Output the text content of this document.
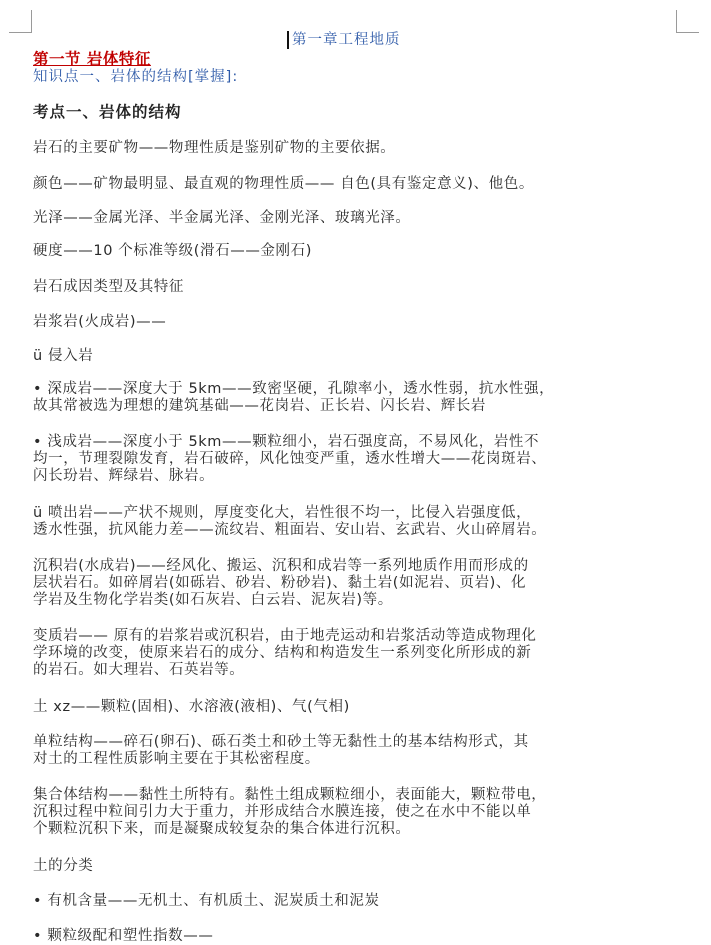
第一章工程地质
第一节 岩体特征
知识点一、岩体的结构[掌握]:
考点一、岩体的结构
岩石的主要矿物——物理性质是鉴别矿物的主要依据。
颜色——矿物最明显、最直观的物理性质—— 自色(具有鉴定意义)、他色。
光泽——金属光泽、半金属光泽、金刚光泽、玻璃光泽。
硬度——10 个标准等级(滑石——金刚石)
岩石成因类型及其特征
岩浆岩(火成岩)——
ü 侵入岩
• 深成岩——深度大于 5km——致密坚硬，孔隙率小，透水性弱，抗水性强，
故其常被选为理想的建筑基础——花岗岩、正长岩、闪长岩、辉长岩
• 浅成岩——深度小于 5km——颗粒细小，岩石强度高，不易风化，岩性不
均一，节理裂隙发育，岩石破碎，风化蚀变严重，透水性增大——花岗斑岩、
闪长玢岩、辉绿岩、脉岩。
ü 喷出岩——产状不规则，厚度变化大，岩性很不均一，比侵入岩强度低，
透水性强，抗风能力差——流纹岩、粗面岩、安山岩、玄武岩、火山碎屑岩。
沉积岩(水成岩)——经风化、搬运、沉积和成岩等一系列地质作用而形成的
层状岩石。如碎屑岩(如砾岩、砂岩、粉砂岩)、黏土岩(如泥岩、页岩)、化
学岩及生物化学岩类(如石灰岩、白云岩、泥灰岩)等。
变质岩—— 原有的岩浆岩或沉积岩，由于地壳运动和岩浆活动等造成物理化
学环境的改变，使原来岩石的成分、结构和构造发生一系列变化所形成的新
的岩石。如大理岩、石英岩等。
土 xz——颗粒(固相)、水溶液(液相)、气(气相)
单粒结构——碎石(卵石)、砾石类土和砂土等无黏性土的基本结构形式，其
对土的工程性质影响主要在于其松密程度。
集合体结构——黏性土所特有。黏性土组成颗粒细小，表面能大，颗粒带电，
沉积过程中粒间引力大于重力，并形成结合水膜连接，使之在水中不能以单
个颗粒沉积下来，而是凝聚成较复杂的集合体进行沉积。
土的分类
• 有机含量——无机土、有机质土、泥炭质土和泥炭
• 颗粒级配和塑性指数——
